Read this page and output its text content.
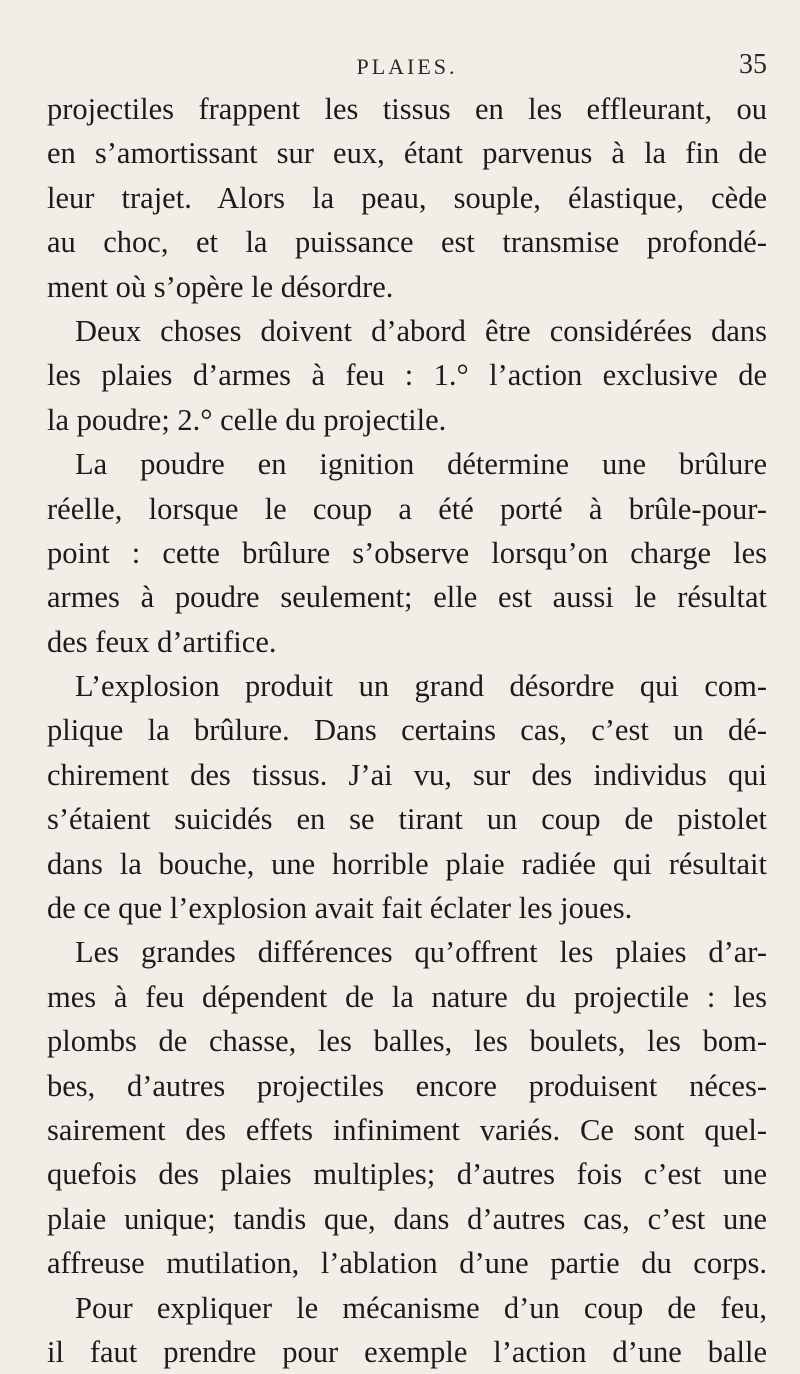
PLAIES.	35
projectiles frappent les tissus en les effleurant, ou
en s’amortissant sur eux, étant parvenus à la fin de
leur trajet. Alors la peau, souple, élastique, cède
au choc, et la puissance est transmise profondé-
ment où s’opère le désordre.
Deux choses doivent d’abord être considérées dans
les plaies d’armes à feu : 1.° l’action exclusive de
la poudre; 2.° celle du projectile.
La poudre en ignition détermine une brûlure
réelle, lorsque le coup a été porté à brûle-pour-
point : cette brûlure s’observe lorsqu’on charge les
armes à poudre seulement; elle est aussi le résultat
des feux d’artifice.
L’explosion produit un grand désordre qui com-
plique la brûlure. Dans certains cas, c’est un dé-
chirement des tissus. J’ai vu, sur des individus qui
s’étaient suicidés en se tirant un coup de pistolet
dans la bouche, une horrible plaie radiée qui résultait
de ce que l’explosion avait fait éclater les joues.
Les grandes différences qu’offrent les plaies d’ar-
mes à feu dépendent de la nature du projectile : les
plombs de chasse, les balles, les boulets, les bom-
bes, d’autres projectiles encore produisent néces-
sairement des effets infiniment variés. Ce sont quel-
quefois des plaies multiples; d’autres fois c’est une
plaie unique; tandis que, dans d’autres cas, c’est une
affreuse mutilation, l’ablation d’une partie du corps.
Pour expliquer le mécanisme d’un coup de feu,
il faut prendre pour exemple l’action d’une balle
